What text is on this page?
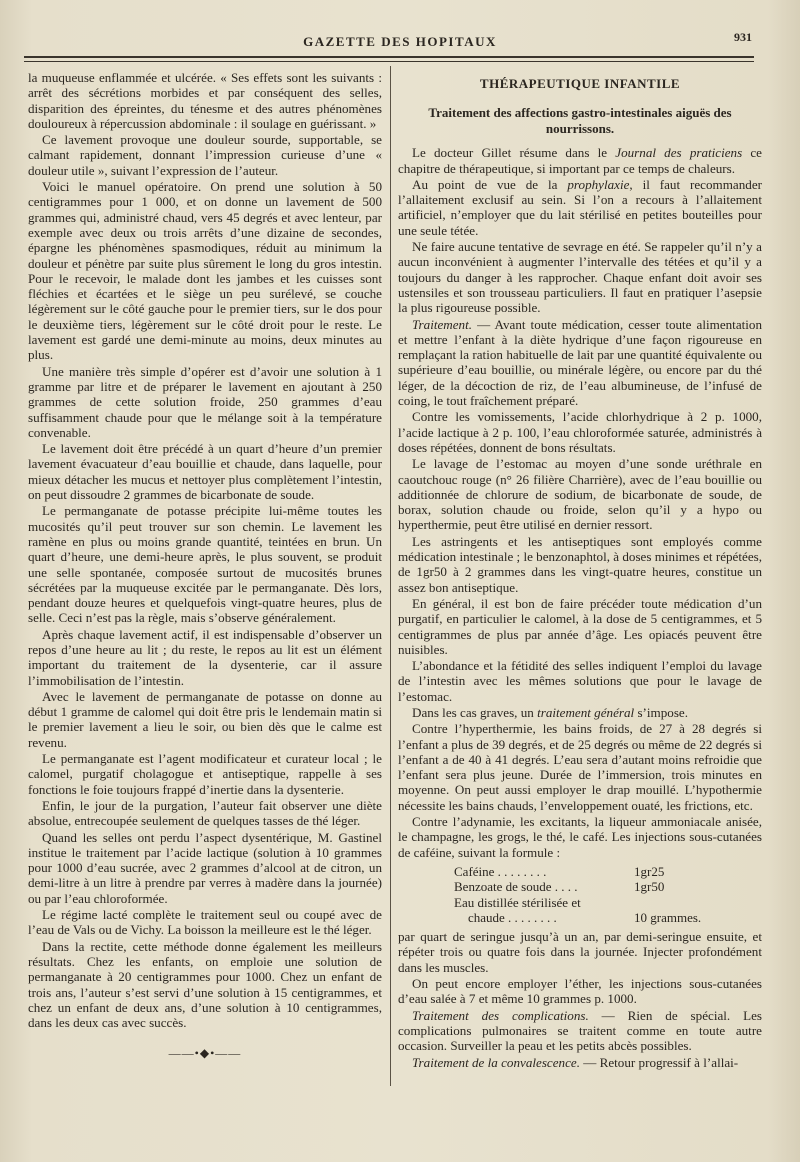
GAZETTE DES HOPITAUX	931

la muqueuse enflammée et ulcérée. « Ses effets sont les suivants : arrêt des sécrétions morbides et par conséquent des selles, disparition des épreintes, du ténesme et des autres phénomènes douloureux à répercussion abdominale : il soulage en guérissant. »

Ce lavement provoque une douleur sourde, supportable, se calmant rapidement, donnant l’impression curieuse d’une « douleur utile », suivant l’expression de l’auteur.

Voici le manuel opératoire. On prend une solution à 50 centigrammes pour 1 000, et on donne un lavement de 500 grammes qui, administré chaud, vers 45 degrés et avec lenteur, par exemple avec deux ou trois arrêts d’une dizaine de secondes, épargne les phénomènes spasmodiques, réduit au minimum la douleur et pénètre par suite plus sûrement le long du gros intestin. Pour le recevoir, le malade dont les jambes et les cuisses sont fléchies et écartées et le siège un peu surélevé, se couche légèrement sur le côté gauche pour le premier tiers, sur le dos pour le deuxième tiers, légèrement sur le côté droit pour le reste. Le lavement est gardé une demi-minute au moins, deux minutes au plus.

Une manière très simple d’opérer est d’avoir une solution à 1 gramme par litre et de préparer le lavement en ajoutant à 250 grammes de cette solution froide, 250 grammes d’eau suffisamment chaude pour que le mélange soit à la température convenable.

Le lavement doit être précédé à un quart d’heure d’un premier lavement évacuateur d’eau bouillie et chaude, dans laquelle, pour mieux détacher les mucus et nettoyer plus complètement l’intestin, on peut dissoudre 2 grammes de bicarbonate de soude.

Le permanganate de potasse précipite lui-même toutes les mucosités qu’il peut trouver sur son chemin. Le lavement les ramène en plus ou moins grande quantité, teintées en brun. Un quart d’heure, une demi-heure après, le plus souvent, se produit une selle spontanée, composée surtout de mucosités brunes sécrétées par la muqueuse excitée par le permanganate. Dès lors, pendant douze heures et quelquefois vingt-quatre heures, plus de selle. Ceci n’est pas la règle, mais s’observe généralement.

Après chaque lavement actif, il est indispensable d’observer un repos d’une heure au lit ; du reste, le repos au lit est un élément important du traitement de la dysenterie, car il assure l’immobilisation de l’intestin.

Avec le lavement de permanganate de potasse on donne au début 1 gramme de calomel qui doit être pris le lendemain matin si le premier lavement a lieu le soir, ou bien dès que le calme est revenu.

Le permanganate est l’agent modificateur et curateur local ; le calomel, purgatif cholagogue et antiseptique, rappelle à ses fonctions le foie toujours frappé d’inertie dans la dysenterie.

Enfin, le jour de la purgation, l’auteur fait observer une diète absolue, entrecoupée seulement de quelques tasses de thé léger.

Quand les selles ont perdu l’aspect dysentérique, M. Gastinel institue le traitement par l’acide lactique (solution à 10 grammes pour 1000 d’eau sucrée, avec 2 grammes d’alcool at de citron, un demi-litre à un litre à prendre par verres à madère dans la journée) ou par l’eau chloroformée.

Le régime lacté complète le traitement seul ou coupé avec de l’eau de Vals ou de Vichy. La boisson la meilleure est le thé léger.

Dans la rectite, cette méthode donne également les meilleurs résultats. Chez les enfants, on emploie une solution de permanganate à 20 centigrammes pour 1000. Chez un enfant de trois ans, l’auteur s’est servi d’une solution à 15 centigrammes, et chez un enfant de deux ans, d’une solution à 10 centigrammes, dans les deux cas avec succès.

——•◆•——

THÉRAPEUTIQUE INFANTILE

Traitement des affections gastro-intestinales aiguës des nourrissons.

Le docteur Gillet résume dans le Journal des praticiens ce chapitre de thérapeutique, si important par ce temps de chaleurs.

Au point de vue de la prophylaxie, il faut recommander l’allaitement exclusif au sein. Si l’on a recours à l’allaitement artificiel, n’employer que du lait stérilisé en petites bouteilles pour une seule tétée.

Ne faire aucune tentative de sevrage en été. Se rappeler qu’il n’y a aucun inconvénient à augmenter l’intervalle des tétées et qu’il y a toujours du danger à les rapprocher. Chaque enfant doit avoir ses ustensiles et son trousseau particuliers. Il faut en pratiquer l’asepsie la plus rigoureuse possible.

Traitement. — Avant toute médication, cesser toute alimentation et mettre l’enfant à la diète hydrique d’une façon rigoureuse en remplaçant la ration habituelle de lait par une quantité équivalente ou supérieure d’eau bouillie, ou minérale légère, ou encore par du thé léger, de la décoction de riz, de l’eau albumineuse, de l’infusé de coing, le tout fraîchement préparé.

Contre les vomissements, l’acide chlorhydrique à 2 p. 1000, l’acide lactique à 2 p. 100, l’eau chloroformée saturée, administrés à doses répétées, donnent de bons résultats.

Le lavage de l’estomac au moyen d’une sonde uréthrale en caoutchouc rouge (n° 26 filière Charrière), avec de l’eau bouillie ou additionnée de chlorure de sodium, de bicarbonate de soude, de borax, solution chaude ou froide, selon qu’il y a hypo ou hyperthermie, peut être utilisé en dernier ressort.

Les astringents et les antiseptiques sont employés comme médication intestinale ; le benzonaphtol, à doses minimes et répétées, de 1gr50 à 2 grammes dans les vingt-quatre heures, constitue un assez bon antiseptique.

En général, il est bon de faire précéder toute médication d’un purgatif, en particulier le calomel, à la dose de 5 centigrammes, et 5 centigrammes de plus par année d’âge. Les opiacés peuvent être nuisibles.

L’abondance et la fétidité des selles indiquent l’emploi du lavage de l’intestin avec les mêmes solutions que pour le lavage de l’estomac.

Dans les cas graves, un traitement général s’impose.

Contre l’hyperthermie, les bains froids, de 27 à 28 degrés si l’enfant a plus de 39 degrés, et de 25 degrés ou même de 22 degrés si l’enfant a de 40 à 41 degrés. L’eau sera d’autant moins refroidie que l’enfant sera plus jeune. Durée de l’immersion, trois minutes en moyenne. On peut aussi employer le drap mouillé. L’hypothermie nécessite les bains chauds, l’enveloppement ouaté, les frictions, etc.

Contre l’adynamie, les excitants, la liqueur ammoniacale anisée, le champagne, les grogs, le thé, le café. Les injections sous-cutanées de caféine, suivant la formule :

Caféine . . . . . . . .	1gr25
Benzoate de soude . . . .	1gr50
Eau distillée stérilisée et
chaude . . . . . . . .	10 grammes.

par quart de seringue jusqu’à un an, par demi-seringue ensuite, et répéter trois ou quatre fois dans la journée. Injecter profondément dans les muscles.

On peut encore employer l’éther, les injections sous-cutanées d’eau salée à 7 et même 10 grammes p. 1000.

Traitement des complications. — Rien de spécial. Les complications pulmonaires se traitent comme en toute autre occasion. Surveiller la peau et les petits abcès possibles.

Traitement de la convalescence. — Retour progressif à l’allai-
